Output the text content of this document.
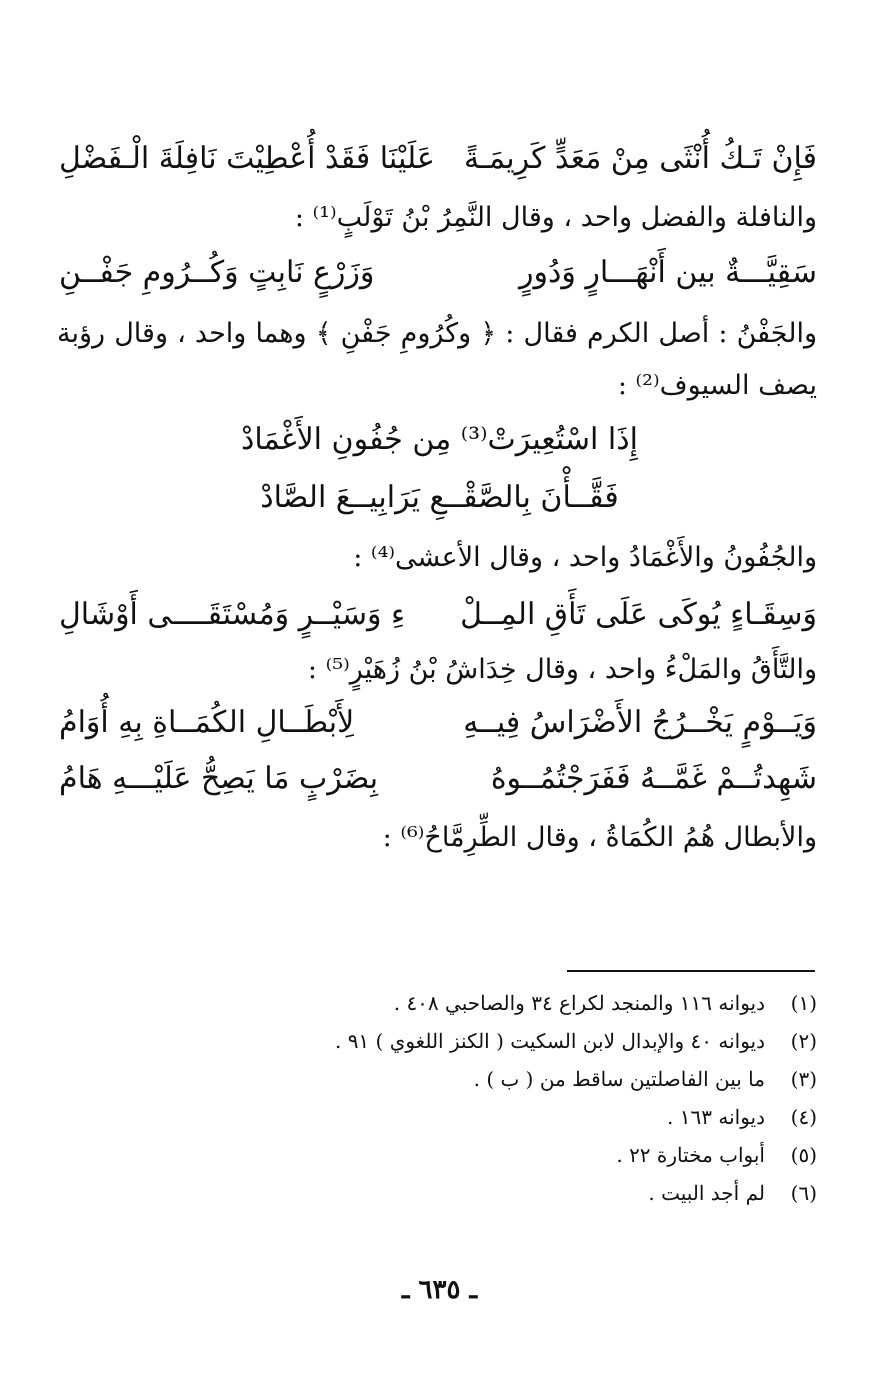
فَإِنْ تَـكُ أُنْثَى مِنْ مَعَدٍّ كَرِيمَـةً
عَلَيْنَا فَقَدْ أُعْطِيْتَ نَافِلَةَ الْـفَضْلِ
والنافلة والفضل واحد ، وقال النَّمِرُ بْنُ تَوْلَبٍ⁽¹⁾ :
سَقِيَّـــةٌ بين أَنْهَـــارٍ وَدُورٍ
وَزَرْعٍ نَابِتٍ وَكُــرُومِ جَفْــنِ
والجَفْنُ : أصل الكرم فقال : ﴿ وكُرُومِ جَفْنِ ﴾ وهما واحد ، وقال رؤبة يصف السيوف⁽²⁾ :
إِذَا اسْتُعِيرَتْ⁽³⁾ مِن جُفُونِ الأَغْمَادْ
فَقَّــأْنَ بِالصَّقْــعِ يَرَابِيــعَ الصَّادْ
والجُفُونُ والأَغْمَادُ واحد ، وقال الأعشى⁽⁴⁾ :
وَسِقَـاءٍ يُوكَى عَلَى تَأَقِ المِــلْ
ءِ وَسَيْــرٍ وَمُسْتَقَــــى أَوْشَالِ
والتَّأَقُ والمَلْءُ واحد ، وقال خِدَاشُ بْنُ زُهَيْرٍ⁽⁵⁾ :
وَيَــوْمٍ يَخْــرُجُ الأَضْرَاسُ فِيــهِ
لِأَبْطَــالِ الكُمَــاةِ بِهِ أُوَامُ
شَهِدتُــمْ غَمَّــهُ فَفَرَجْتُمُــوهُ
بِضَرْبٍ مَا يَصِحُّ عَلَيْـــهِ هَامُ
والأبطال هُمُ الكُمَاةُ ، وقال الطِّرِمَّاحُ⁽⁶⁾ :
(١)
ديوانه ١١٦ والمنجد لكراع ٣٤ والصاحبي ٤٠٨ .
(٢)
ديوانه ٤٠ والإبدال لابن السكيت ( الكنز اللغوي ) ٩١ .
(٣)
ما بين الفاصلتين ساقط من ( ب ) .
(٤)
ديوانه ١٦٣ .
(٥)
أبواب مختارة ٢٢ .
(٦)
لم أجد البيت .
ـ ٦٣٥ ـ
